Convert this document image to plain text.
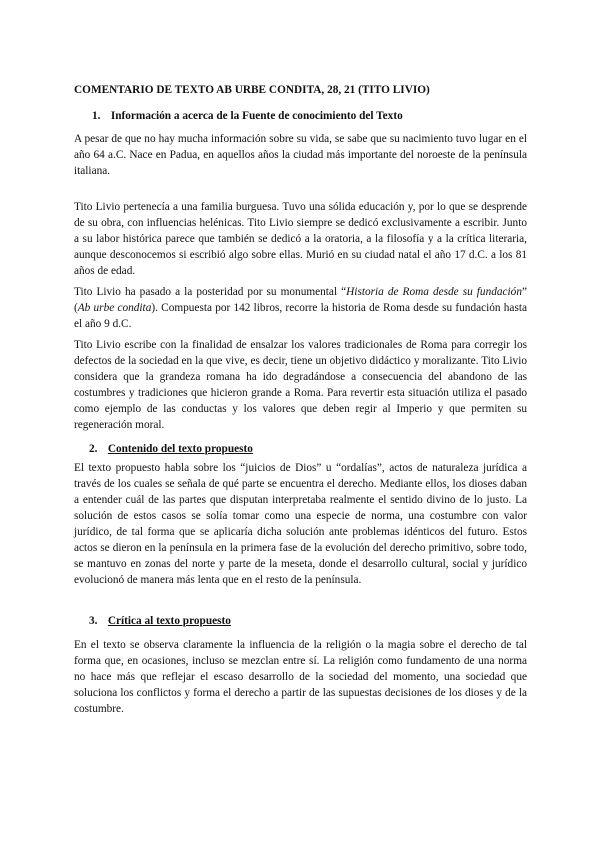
COMENTARIO DE TEXTO AB URBE CONDITA, 28, 21 (TITO LIVIO)
1. Información a acerca de la Fuente de conocimiento del Texto

A pesar de que no hay mucha información sobre su vida, se sabe que su nacimiento tuvo lugar en el año 64 a.C. Nace en Padua, en aquellos años la ciudad más importante del noroeste de la península italiana.

Tito Livio pertenecía a una familia burguesa. Tuvo una sólida educación y, por lo que se desprende de su obra, con influencias helénicas. Tito Livio siempre se dedicó exclusivamente a escribir. Junto a su labor histórica parece que también se dedicó a la oratoria, a la filosofía y a la crítica literaria, aunque desconocemos si escribió algo sobre ellas. Murió en su ciudad natal el año 17 d.C. a los 81 años de edad.

Tito Livio ha pasado a la posteridad por su monumental “Historia de Roma desde su fundación” (Ab urbe condita). Compuesta por 142 libros, recorre la historia de Roma desde su fundación hasta el año 9 d.C.

Tito Livio escribe con la finalidad de ensalzar los valores tradicionales de Roma para corregir los defectos de la sociedad en la que vive, es decir, tiene un objetivo didáctico y moralizante. Tito Livio considera que la grandeza romana ha ido degradándose a consecuencia del abandono de las costumbres y tradiciones que hicieron grande a Roma. Para revertir esta situación utiliza el pasado como ejemplo de las conductas y los valores que deben regir al Imperio y que permiten su regeneración moral.

2. Contenido del texto propuesto

El texto propuesto habla sobre los “juicios de Dios” u “ordalías”, actos de naturaleza jurídica a través de los cuales se señala de qué parte se encuentra el derecho. Mediante ellos, los dioses daban a entender cuál de las partes que disputan interpretaba realmente el sentido divino de lo justo. La solución de estos casos se solía tomar como una especie de norma, una costumbre con valor jurídico, de tal forma que se aplicaría dicha solución ante problemas idénticos del futuro. Estos actos se dieron en la península en la primera fase de la evolución del derecho primitivo, sobre todo, se mantuvo en zonas del norte y parte de la meseta, donde el desarrollo cultural, social y jurídico evolucionó de manera más lenta que en el resto de la península.

3. Crítica al texto propuesto

En el texto se observa claramente la influencia de la religión o la magia sobre el derecho de tal forma que, en ocasiones, incluso se mezclan entre sí. La religión como fundamento de una norma no hace más que reflejar el escaso desarrollo de la sociedad del momento, una sociedad que soluciona los conflictos y forma el derecho a partir de las supuestas decisiones de los dioses y de la costumbre.
